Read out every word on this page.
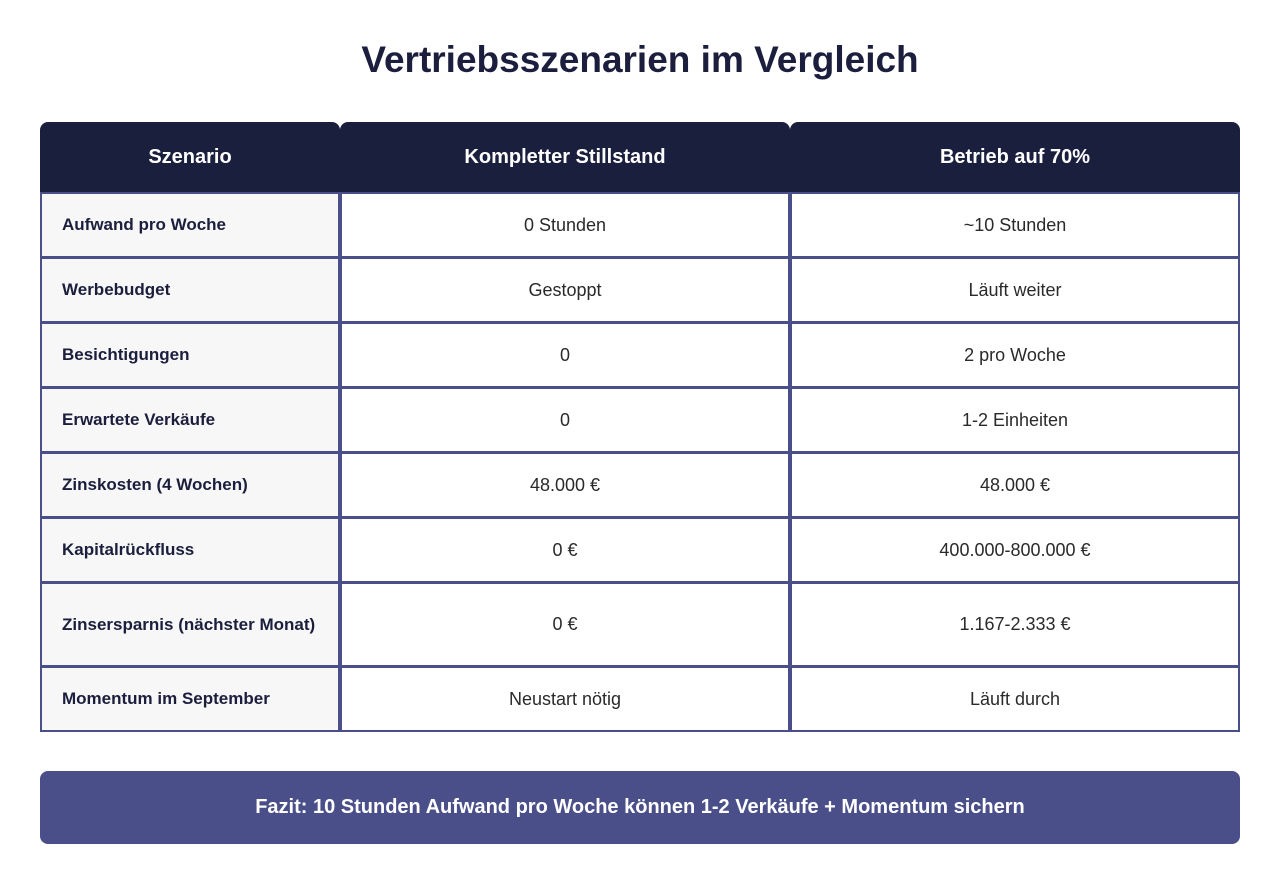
Vertriebsszenarien im Vergleich
Szenario	Kompletter Stillstand	Betrieb auf 70%
Aufwand pro Woche	0 Stunden	~10 Stunden
Werbebudget	Gestoppt	Läuft weiter
Besichtigungen	0	2 pro Woche
Erwartete Verkäufe	0	1-2 Einheiten
Zinskosten (4 Wochen)	48.000 €	48.000 €
Kapitalrückfluss	0 €	400.000-800.000 €
Zinsersparnis (nächster Monat)	0 €	1.167-2.333 €
Momentum im September	Neustart nötig	Läuft durch
Fazit: 10 Stunden Aufwand pro Woche können 1-2 Verkäufe + Momentum sichern
